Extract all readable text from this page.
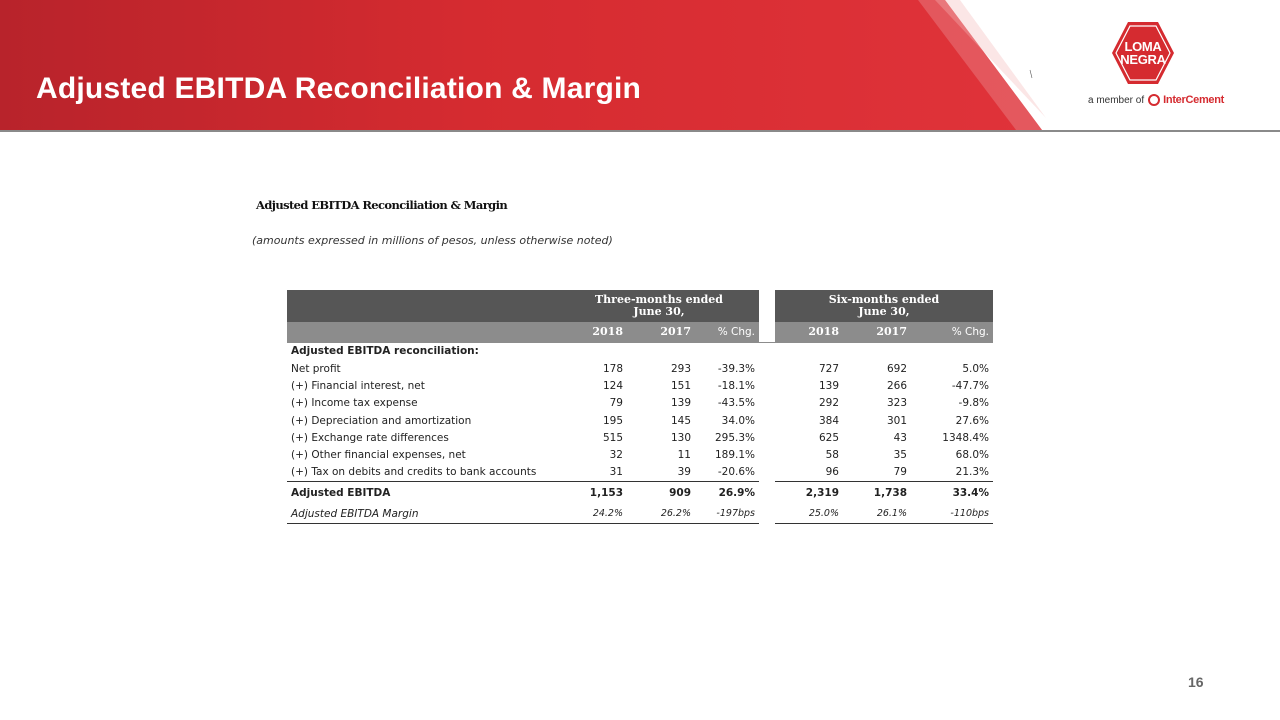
Adjusted EBITDA Reconciliation & Margin
LOMA
NEGRA
a member of InterCement
Adjusted EBITDA Reconciliation & Margin
(amounts expressed in millions of pesos, unless otherwise noted)
	Three-months ended
June 30,				Six-months ended
June 30,		
	2018	2017	% Chg.		2018	2017	% Chg.
Adjusted EBITDA reconciliation:							
Net profit	178	293	-39.3%		727	692	5.0%
(+) Financial interest, net	124	151	-18.1%		139	266	-47.7%
(+) Income tax expense	79	139	-43.5%		292	323	-9.8%
(+) Depreciation and amortization	195	145	34.0%		384	301	27.6%
(+) Exchange rate differences	515	130	295.3%		625	43	1348.4%
(+) Other financial expenses, net	32	11	189.1%		58	35	68.0%
(+) Tax on debits and credits to bank accounts	31	39	-20.6%		96	79	21.3%
Adjusted EBITDA	1,153	909	26.9%		2,319	1,738	33.4%
Adjusted EBITDA Margin	24.2%	26.2%	-197bps		25.0%	26.1%	-110bps
16
